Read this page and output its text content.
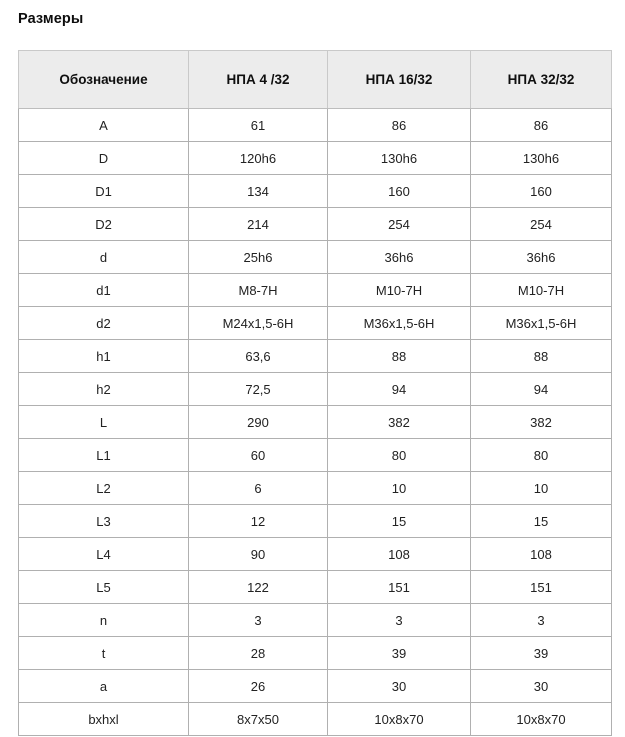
Размеры
Обозначение	НПА 4 /32	НПА 16/32	НПА 32/32
A	61	86	86
D	120h6	130h6	130h6
D1	134	160	160
D2	214	254	254
d	25h6	36h6	36h6
d1	M8-7H	M10-7H	M10-7H
d2	M24x1,5-6H	M36x1,5-6H	M36x1,5-6H
h1	63,6	88	88
h2	72,5	94	94
L	290	382	382
L1	60	80	80
L2	6	10	10
L3	12	15	15
L4	90	108	108
L5	122	151	151
n	3	3	3
t	28	39	39
a	26	30	30
bxhxl	8x7x50	10x8x70	10x8x70
